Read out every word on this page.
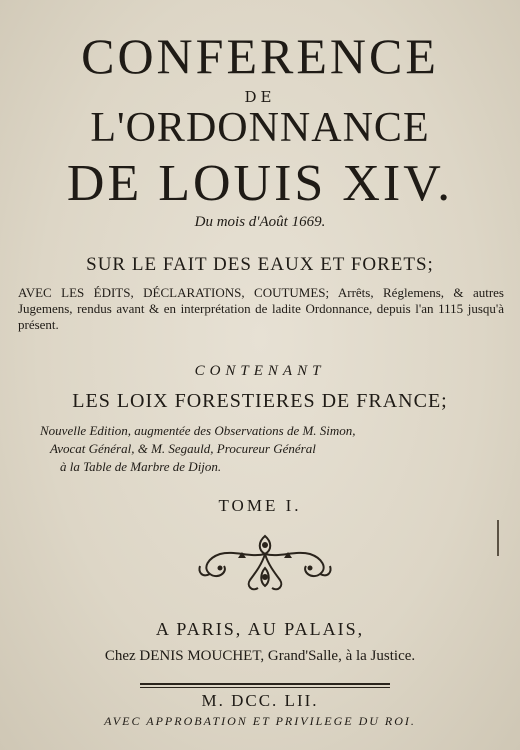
CONFERENCE
DE
L'ORDONNANCE
DE LOUIS XIV.
Du mois d'Août 1669.
SUR LE FAIT DES EAUX ET FORETS;
AVEC LES ÉDITS, DÉCLARATIONS, COUTUMES; Arrêts, Réglemens, & autres Jugemens, rendus avant & en interprétation de ladite Ordonnance, depuis l'an 1115 jusqu'à présent.
CONTENANT
LES LOIX FORESTIERES DE FRANCE;
Nouvelle Edition, augmentée des Observations de M. Simon,
Avocat Général, & M. Segauld, Procureur Général
à la Table de Marbre de Dijon.
TOME I.
A PARIS, AU PALAIS,
Chez DENIS MOUCHET, Grand'Salle, à la Justice.
M. DCC. LII.
AVEC APPROBATION ET PRIVILEGE DU ROI.
